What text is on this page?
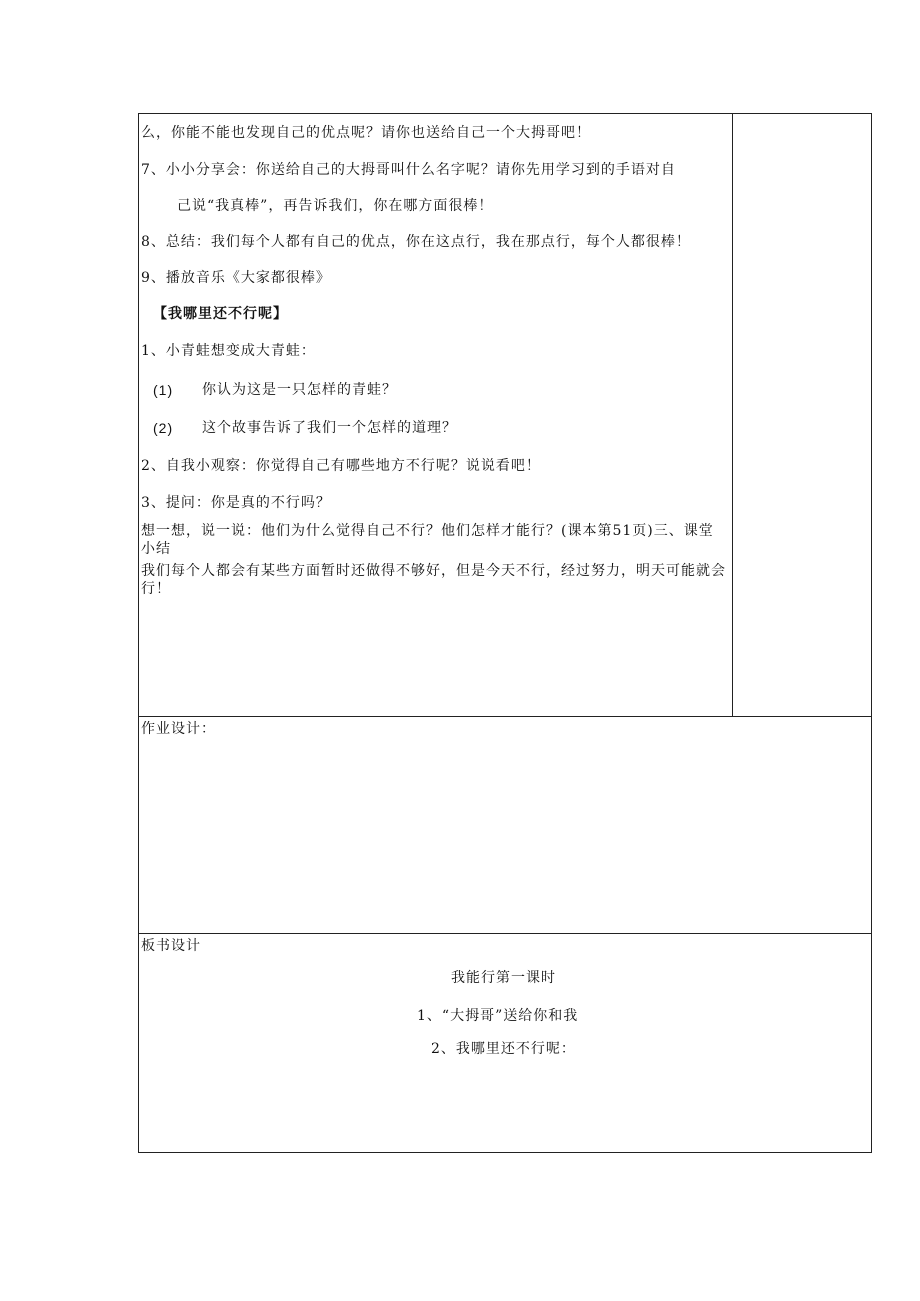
么，你能不能也发现自己的优点呢？请你也送给自己一个大拇哥吧！
7、小小分享会：你送给自己的大拇哥叫什么名字呢？请你先用学习到的手语对自
己说“我真棒”，再告诉我们，你在哪方面很棒！
8、总结：我们每个人都有自己的优点，你在这点行，我在那点行，每个人都很棒！
9、播放音乐《大家都很棒》
【我哪里还不行呢】
1、小青蛙想变成大青蛙：
(1) 你认为这是一只怎样的青蛙？
(2) 这个故事告诉了我们一个怎样的道理？
2、自我小观察：你觉得自己有哪些地方不行呢？说说看吧！
3、提问：你是真的不行吗？
想一想，说一说：他们为什么觉得自己不行？他们怎样才能行？(课本第51页)三、课堂小结
我们每个人都会有某些方面暂时还做得不够好，但是今天不行，经过努力，明天可能就会行！
作业设计：
板书设计
我能行第一课时
1、“大拇哥”送给你和我
2、我哪里还不行呢：
